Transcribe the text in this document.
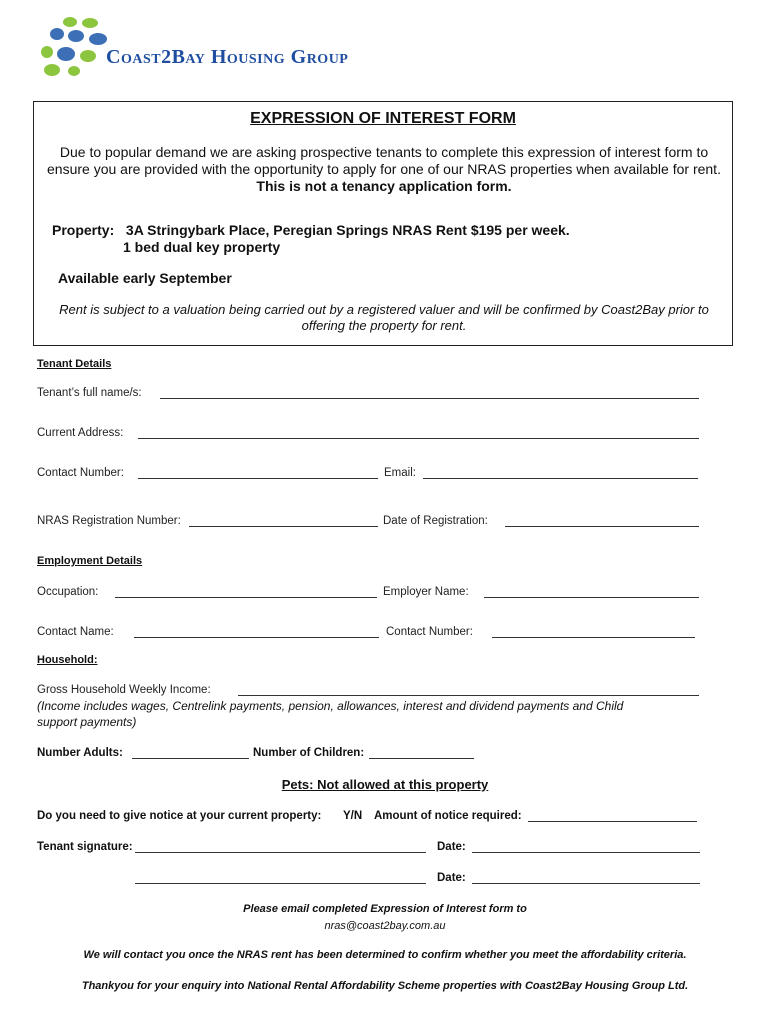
Coast2Bay Housing Group
EXPRESSION OF INTEREST FORM
Due to popular demand we are asking prospective tenants to complete this expression of interest form to ensure you are provided with the opportunity to apply for one of our NRAS properties when available for rent. This is not a tenancy application form.
Property: 3A Stringybark Place, Peregian Springs NRAS Rent $195 per week.
1 bed dual key property
Available early September
Rent is subject to a valuation being carried out by a registered valuer and will be confirmed by Coast2Bay prior to offering the property for rent.
Tenant Details
Tenant’s full name/s:
Current Address:
Contact Number:	Email:
NRAS Registration Number:	Date of Registration:
Employment Details
Occupation:	Employer Name:
Contact Name:	Contact Number:
Household:
Gross Household Weekly Income:
(Income includes wages, Centrelink payments, pension, allowances, interest and dividend payments and Child support payments)
Number Adults:	Number of Children:
Pets: Not allowed at this property
Do you need to give notice at your current property: Y/N Amount of notice required:
Tenant signature:	Date:
Date:
Please email completed Expression of Interest form to
nras@coast2bay.com.au
We will contact you once the NRAS rent has been determined to confirm whether you meet the affordability criteria.
Thankyou for your enquiry into National Rental Affordability Scheme properties with Coast2Bay Housing Group Ltd.
